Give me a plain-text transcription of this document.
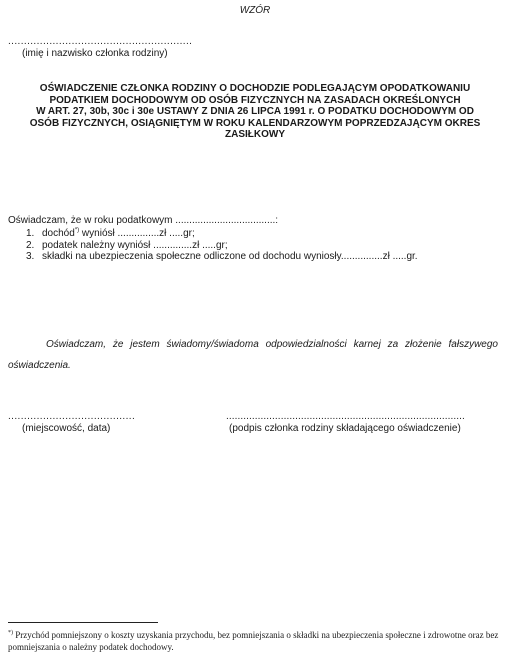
WZÓR
..........................................................
(imię i nazwisko członka rodziny)
OŚWIADCZENIE CZŁONKA RODZINY O DOCHODZIE PODLEGAJĄCYM OPODATKOWANIU
PODATKIEM DOCHODOWYM OD OSÓB FIZYCZNYCH NA ZASADACH OKREŚLONYCH
W ART. 27, 30b, 30c i 30e USTAWY Z DNIA 26 LIPCA 1991 r. O PODATKU DOCHODOWYM OD
OSÓB FIZYCZNYCH, OSIĄGNIĘTYM W ROKU KALENDARZOWYM POPRZEDZAJĄCYM OKRES
ZASIŁKOWY
Oświadczam, że w roku podatkowym ....................................:
1. dochód*) wyniósł ...............zł .....gr;
2. podatek należny wyniósł ..............zł .....gr;
3. składki na ubezpieczenia społeczne odliczone od dochodu wyniosły...............zł .....gr.
Oświadczam, że jestem świadomy/świadoma odpowiedzialności karnej za złożenie fałszywego
oświadczenia.
........................................
(miejscowość, data)
...................................................................................
(podpis członka rodziny składającego oświadczenie)
*) Przychód pomniejszony o koszty uzyskania przychodu, bez pomniejszania o składki na ubezpieczenia społeczne i zdrowotne oraz bez pomniejszania o należny podatek dochodowy.
